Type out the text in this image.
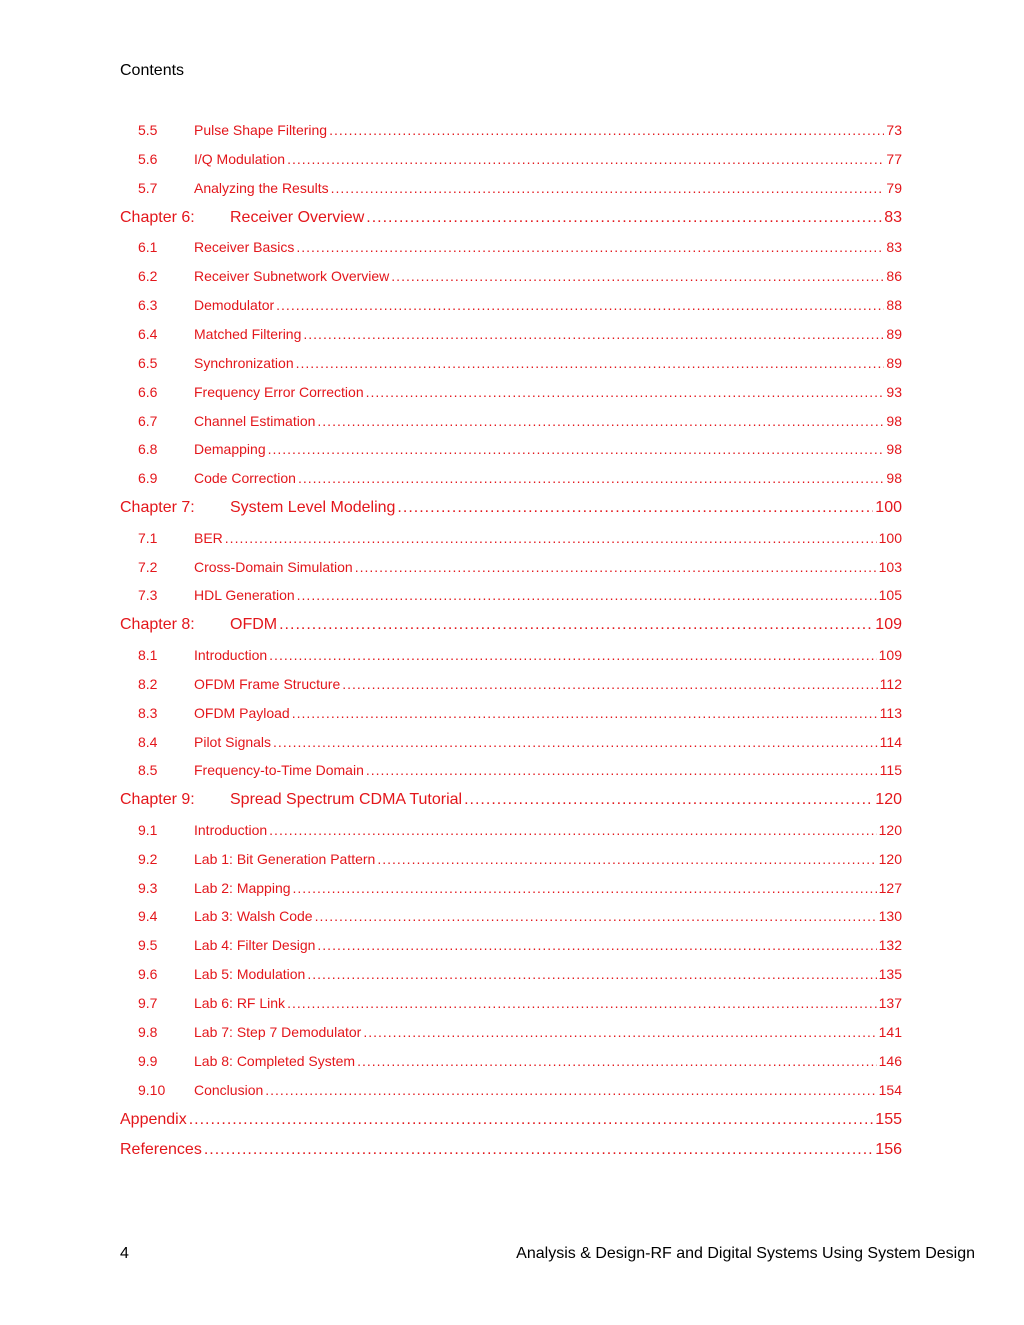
Contents
5.5	Pulse Shape Filtering .....	73
5.6	I/Q Modulation .....	77
5.7	Analyzing the Results .....	79
Chapter 6:	Receiver Overview .....	83
6.1	Receiver Basics .....	83
6.2	Receiver Subnetwork Overview .....	86
6.3	Demodulator .....	88
6.4	Matched Filtering .....	89
6.5	Synchronization .....	89
6.6	Frequency Error Correction .....	93
6.7	Channel Estimation .....	98
6.8	Demapping .....	98
6.9	Code Correction .....	98
Chapter 7:	System Level Modeling .....	100
7.1	BER .....	100
7.2	Cross-Domain Simulation .....	103
7.3	HDL Generation .....	105
Chapter 8:	OFDM .....	109
8.1	Introduction .....	109
8.2	OFDM Frame Structure .....	112
8.3	OFDM Payload .....	113
8.4	Pilot Signals .....	114
8.5	Frequency-to-Time Domain .....	115
Chapter 9:	Spread Spectrum CDMA Tutorial .....	120
9.1	Introduction .....	120
9.2	Lab 1: Bit Generation Pattern .....	120
9.3	Lab 2: Mapping .....	127
9.4	Lab 3: Walsh Code .....	130
9.5	Lab 4: Filter Design .....	132
9.6	Lab 5: Modulation .....	135
9.7	Lab 6: RF Link .....	137
9.8	Lab 7: Step 7 Demodulator .....	141
9.9	Lab 8: Completed System .....	146
9.10	Conclusion .....	154
Appendix .....	155
References .....	156
4	Analysis & Design-RF and Digital Systems Using System Design
